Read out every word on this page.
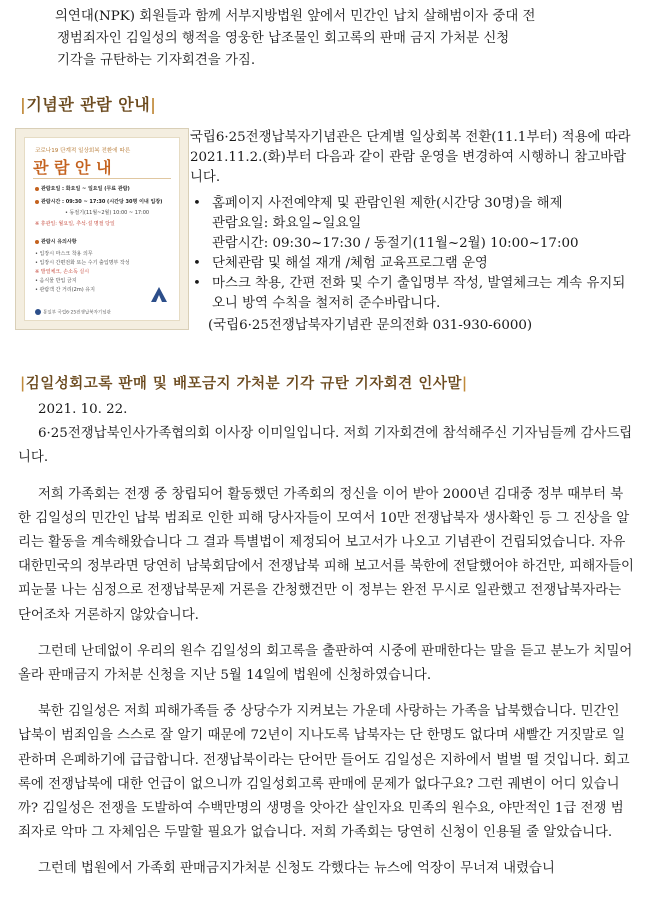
의연대(NPK) 회원들과 함께 서부지방법원 앞에서 민간인 납치 살해범이자 중대 전

쟁범죄자인 김일성의 행적을 영웅한 납조물인 회고록의 판매 금지 가처분 신청

기각을 규탄하는 기자회견을 가짐.

|기념관 관람 안내|
코로나19 단계적 일상회복 전환에 따른
관 람 안 내
관람요일 : 화요일 ~ 일요일 (무료 관람)
관람시간 : 09:30 ~ 17:30 (시간당 30명 이내 입장)
• 동절기(11월~2월) 10:00 ~ 17:00
※ 휴관일: 월요일, 추석·설 명절 당일
관람시 유의사항
• 입장시 마스크 착용 의무
• 입장시 간편전화 또는 수기 출입명부 작성
※ 발열체크, 손소독 실시
• 음식물 반입 금지
• 관람객 간 거리(2m) 유지
통일부 국립6·25전쟁납북자기념관

국립6·25전쟁납북자기념관은 단계별 일상회복 전환(11.1부터) 적용에 따라 2021.11.2.(화)부터 다음과 같이 관람 운영을 변경하여 시행하니 참고바랍니다.

• 홈페이지 사전예약제 및 관람인원 제한(시간당 30명)을 해제
관람요일: 화요일~일요일
관람시간: 09:30~17:30 / 동절기(11월~2월) 10:00~17:00
• 단체관람 및 해설 재개 /체험 교육프로그램 운영
• 마스크 착용, 간편 전화 및 수기 출입명부 작성, 발열체크는 계속 유지되오니 방역 수칙을 철저히 준수바랍니다.

(국립6·25전쟁납북자기념관 문의전화 031-930-6000)

|김일성회고록 판매 및 배포금지 가처분 기각 규탄 기자회견 인사말|

2021. 10. 22.

6·25전쟁납북인사가족협의회 이사장 이미일입니다. 저희 기자회견에 참석해주신 기자님들께 감사드립니다.

저희 가족회는 전쟁 중 창립되어 활동했던 가족회의 정신을 이어 받아 2000년 김대중 정부 때부터 북한 김일성의 민간인 납북 범죄로 인한 피해 당사자들이 모여서 10만 전쟁납북자 생사확인 등 그 진상을 알리는 활동을 계속해왔습니다 그 결과 특별법이 제정되어 보고서가 나오고 기념관이 건립되었습니다. 자유 대한민국의 정부라면 당연히 남북회담에서 전쟁납북 피해 보고서를 북한에 전달했어야 하건만, 피해자들이 피눈물 나는 심정으로 전쟁납북문제 거론을 간청했건만 이 정부는 완전 무시로 일관했고 전쟁납북자라는 단어조차 거론하지 않았습니다.

그런데 난데없이 우리의 원수 김일성의 회고록을 출판하여 시중에 판매한다는 말을 듣고 분노가 치밀어 올라 판매금지 가처분 신청을 지난 5월 14일에 법원에 신청하였습니다.

북한 김일성은 저희 피해가족들 중 상당수가 지켜보는 가운데 사랑하는 가족을 납북했습니다. 민간인 납북이 범죄임을 스스로 잘 알기 때문에 72년이 지나도록 납북자는 단 한명도 없다며 새빨간 거짓말로 일관하며 은폐하기에 급급합니다. 전쟁납북이라는 단어만 들어도 김일성은 지하에서 벌벌 떨 것입니다. 회고록에 전쟁납북에 대한 언급이 없으니까 김일성회고록 판매에 문제가 없다구요? 그런 궤변이 어디 있습니까? 김일성은 전쟁을 도발하여 수백만명의 생명을 앗아간 살인자요 민족의 원수요, 야만적인 1급 전쟁 범죄자로 악마 그 자체임은 두말할 필요가 없습니다. 저희 가족회는 당연히 신청이 인용될 줄 알았습니다.

그런데 법원에서 가족회 판매금지가처분 신청도 각했다는 뉴스에 억장이 무너져 내렸습니
